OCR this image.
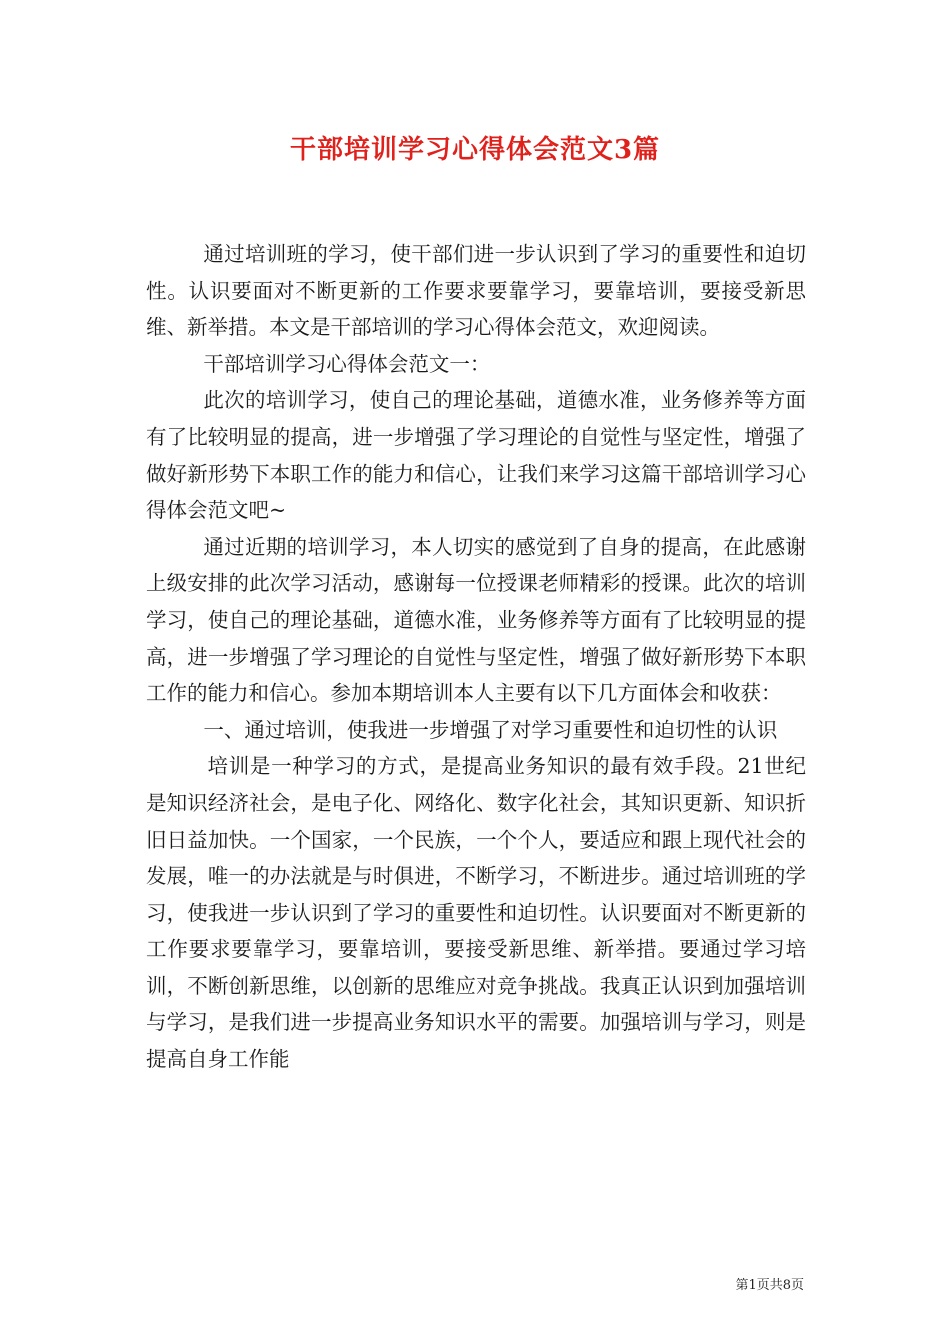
干部培训学习心得体会范文3篇

通过培训班的学习，使干部们进一步认识到了学习的重要性和迫切性。认识要面对不断更新的工作要求要靠学习，要靠培训，要接受新思维、新举措。本文是干部培训的学习心得体会范文，欢迎阅读。

干部培训学习心得体会范文一：

此次的培训学习，使自己的理论基础，道德水准，业务修养等方面有了比较明显的提高，进一步增强了学习理论的自觉性与坚定性，增强了做好新形势下本职工作的能力和信心，让我们来学习这篇干部培训学习心得体会范文吧~

通过近期的培训学习，本人切实的感觉到了自身的提高，在此感谢上级安排的此次学习活动，感谢每一位授课老师精彩的授课。此次的培训学习，使自己的理论基础，道德水准，业务修养等方面有了比较明显的提高，进一步增强了学习理论的自觉性与坚定性，增强了做好新形势下本职工作的能力和信心。参加本期培训本人主要有以下几方面体会和收获：

一、通过培训，使我进一步增强了对学习重要性和迫切性的认识

培训是一种学习的方式，是提高业务知识的最有效手段。21世纪是知识经济社会，是电子化、网络化、数字化社会，其知识更新、知识折旧日益加快。一个国家，一个民族，一个个人，要适应和跟上现代社会的发展，唯一的办法就是与时俱进，不断学习，不断进步。通过培训班的学习，使我进一步认识到了学习的重要性和迫切性。认识要面对不断更新的工作要求要靠学习，要靠培训，要接受新思维、新举措。要通过学习培训，不断创新思维，以创新的思维应对竞争挑战。我真正认识到加强培训与学习，是我们进一步提高业务知识水平的需要。加强培训与学习，则是提高自身工作能

第1页共8页
